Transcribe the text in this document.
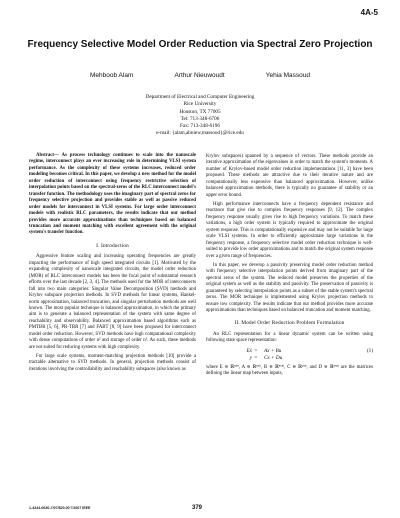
4A-5
Frequency Selective Model Order Reduction via Spectral Zero Projection
Mehboob Alam	Arthur Nieuwoudt	Yehia Massoud
Department of Electrical and Computer Engineering
Rice University
Houston, TX 77005
Tel: 713-348-6706
Fax: 713-348-6196
e-mail: {alam,abniew,massoud}@rice.edu

Abstract— As process technology continues to scale into the nanoscale regime, interconnect plays an ever increasing role in determining VLSI system performance. As the complexity of these systems increases, reduced order modeling becomes critical. In this paper, we develop a new method for the model order reduction of interconnect using frequency restrictive selection of interpolation points based on the spectral-zeros of the RLC interconnect model's transfer function. The methodology uses the imaginary part of spectral zeros for frequency selective projection and provides stable as well as passive reduced order models for interconnect in VLSI systems. For large order interconnect models with realistic RLC parameters, the results indicate that our method provides more accurate approximations than techniques based on balanced truncation and moment matching with excellent agreement with the original system's transfer function.

I. Introduction

Aggressive feature scaling and increasing operating frequencies are greatly impacting the performance of high speed integrated circuits [1]. Motivated by the expanding complexity of nanoscale integrated circuits, the model order reduction (MOR) of RLC interconnect models has been the focal point of substantial research efforts over the last decade [2, 3, 4]. The methods used for the MOR of interconnects fall into two main categories: Singular Value Decomposition (SVD) methods and Krylov subspace projection methods. In SVD methods for linear systems, Hankel-norm approximation, balanced truncation, and singular perturbation methods are well known. The most popular technique is balanced approximation, in which the primary aim is to generate a balanced representation of the system with same degree of reachability and observability. Balanced approximation based algorithms such as PMTBR [5, 6], PR-TBR [7] and FABT [8, 9] have been proposed for interconnect model order reduction. However, SVD methods have high computational complexity with dense computations of order n³ and storage of order n². As such, these methods are not suited for reducing systems with high complexity.

For large scale systems, moment-matching projection methods [10] provide a tractable alternative to SVD methods. In general, projection methods consist of iterations involving the controllability and reachability subspaces (also known as

Krylov subspaces) spanned by a sequence of vectors. These methods provide an iterative approximation of the eigenvalues in order to match the system's moments. A number of Krylov-based model order reduction implementations [11, 3] have been proposed. These methods are attractive due to their iterative nature and are computationally less expensive than balanced approximation. However, unlike balanced approximation methods, there is typically no guarantee of stability or an upper error bound.

High performance interconnects have a frequency dependent resistance and reactance that give rise to complex frequency responses [9, 12]. The complex frequency response usually gives rise to high frequency variations. To match these variations, a high order system is typically required to approximate the original system response. This is computationally expensive and may not be suitable for large scale VLSI systems. In order to efficiently approximate large variations in the frequency response, a frequency selective model order reduction technique is well-suited to provide low order approximations and to match the original system response over a given range of frequencies.

In this paper, we develop a passivity preserving model order reduction method with frequency selective interpolation points derived from imaginary part of the spectral zeros of the system. The reduced model preserves the properties of the original system as well as the stability and passivity. The preservation of passivity is guaranteed by selecting interpolation points as a subset of the stable system's spectral zeros. The MOR technique is implemented using Krylov projection methods to ensure low complexity. The results indicate that our method provides more accurate approximations than techniques based on balanced truncation and moment matching.

II. Model Order Reduction Problem Formulation

An RLC representation for a linear dynamic system can be written using following state space representation:

Eẋ =	Ax + Bu	(1)
y =	Cx + Du

where E ∈ ℝⁿˣⁿ, A ∈ ℝⁿˣⁿ, B ∈ ℝⁿˣᵐ, C ∈ ℝᵖˣⁿ, and D ∈ ℝᵖˣᵐ are the matrices defining the linear map between inputs,

1-4244-0630-7/07/$20.00 ©2007 IEEE	379
